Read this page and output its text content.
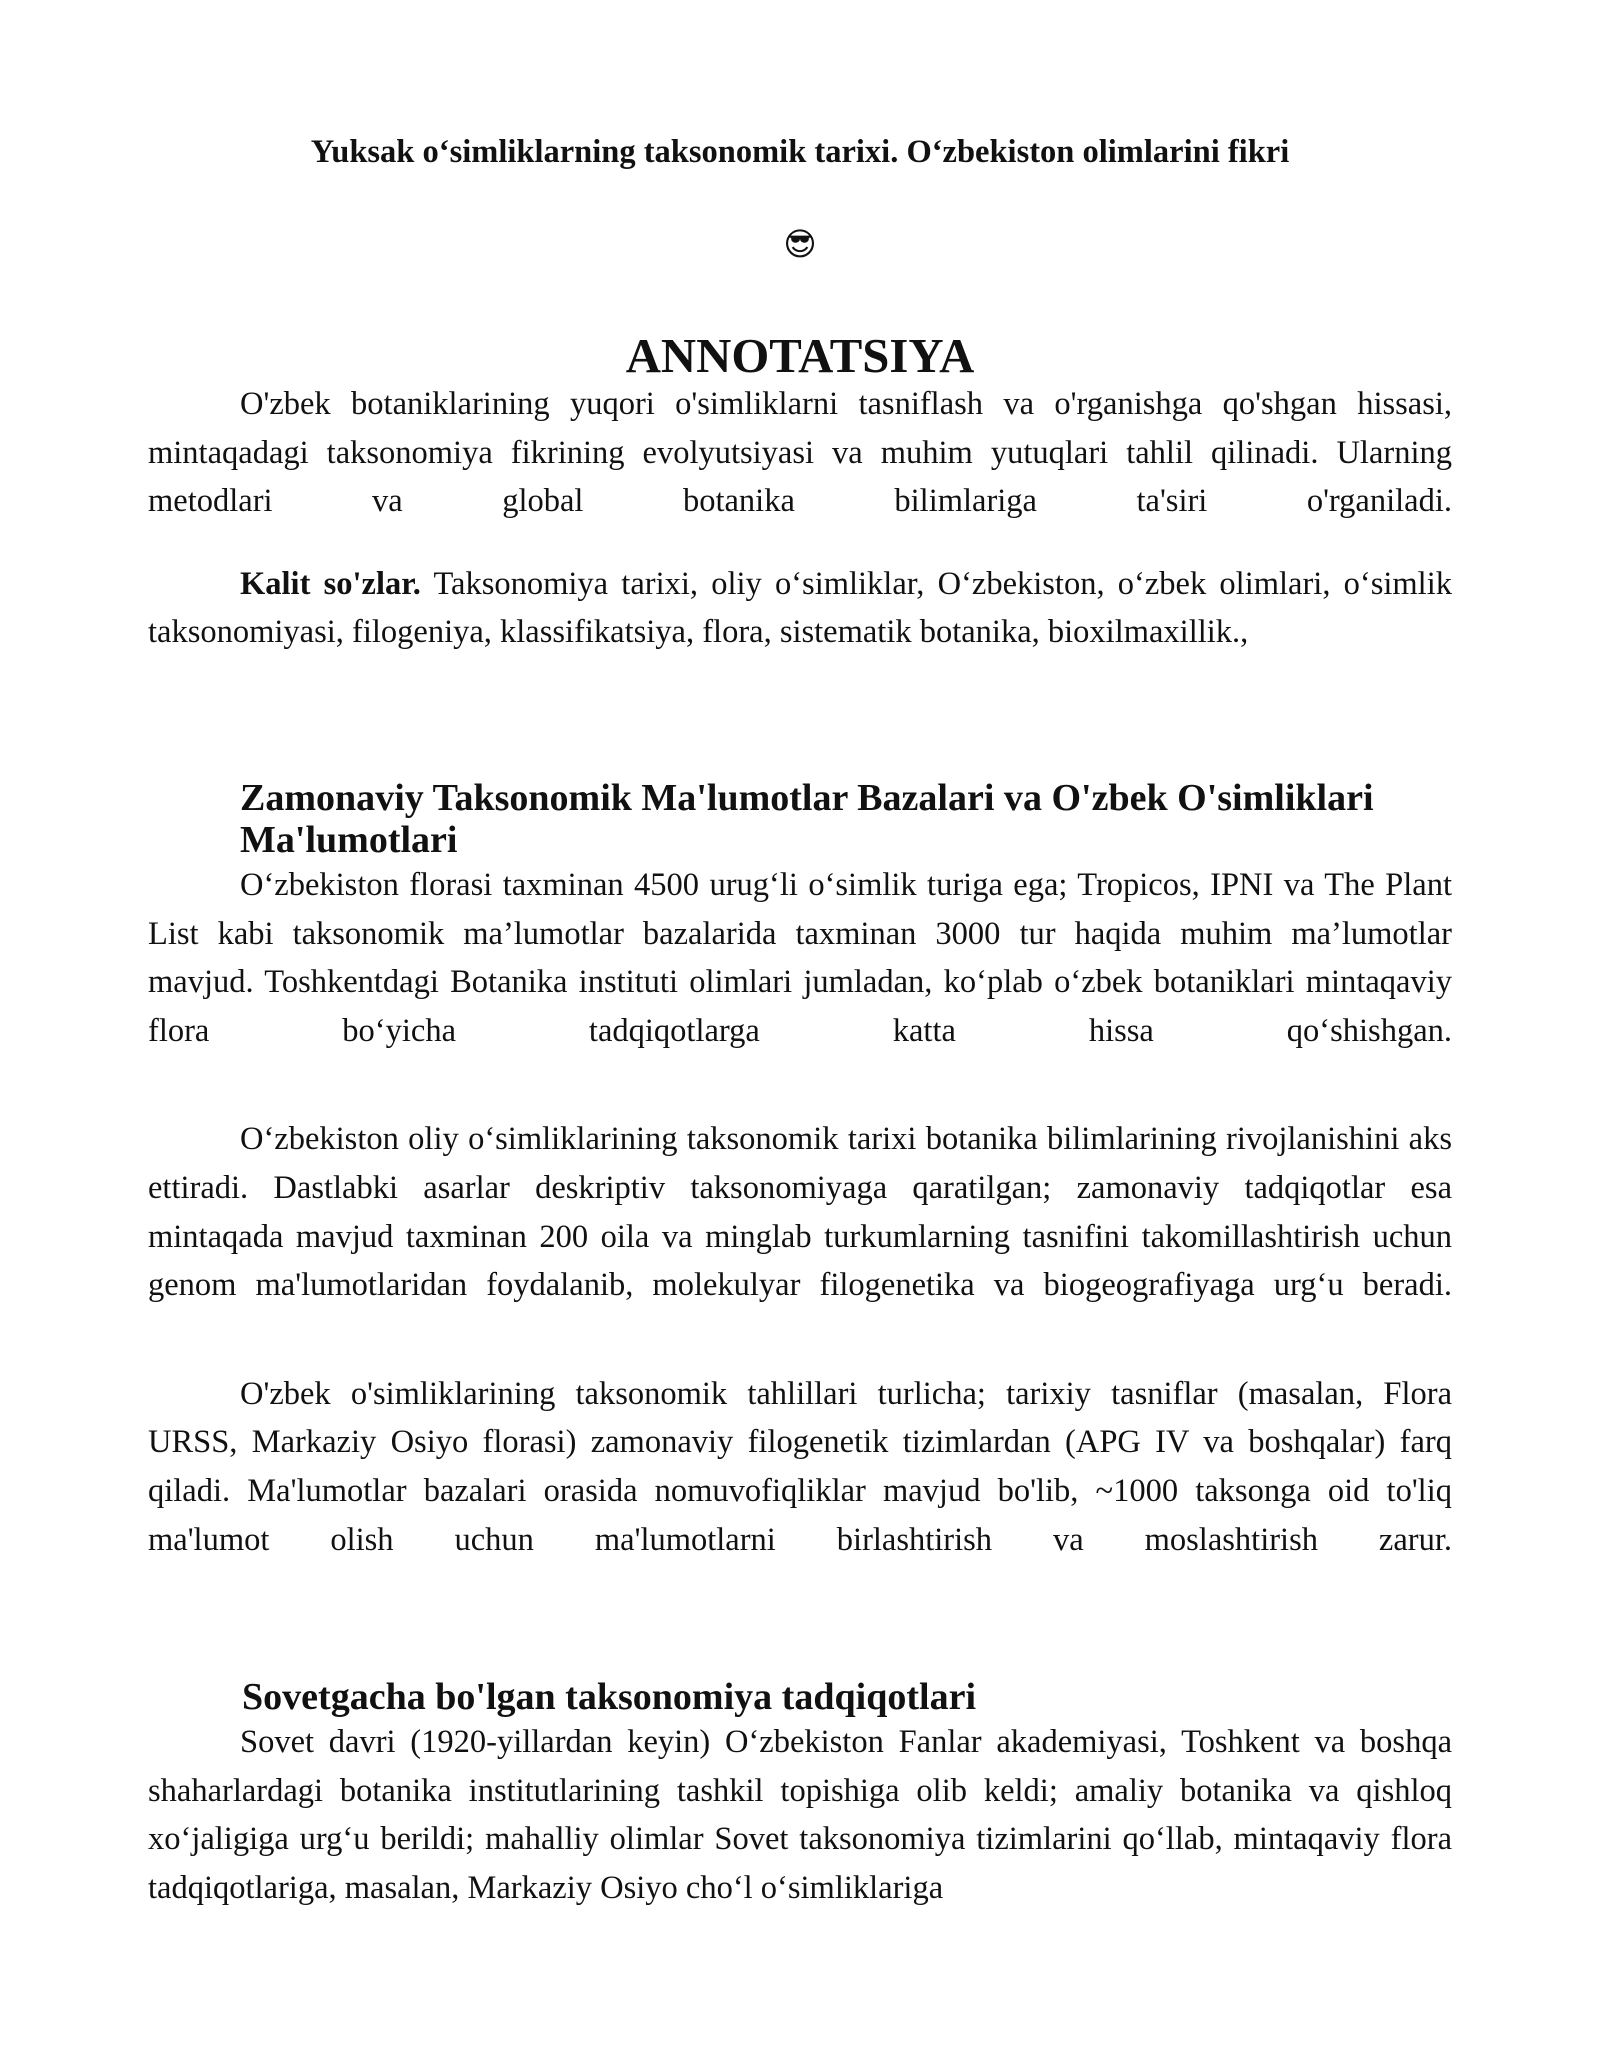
Yuksak o‘simliklarning taksonomik tarixi. O‘zbekiston olimlarini fikri
😎
ANNOTATSIYA

O'zbek botaniklarining yuqori o'simliklarni tasniflash va o'rganishga qo'shgan hissasi, mintaqadagi taksonomiya fikrining evolyutsiyasi va muhim yutuqlari tahlil qilinadi. Ularning metodlari va global botanika bilimlariga ta'siri o'rganiladi.

Kalit so'zlar. Taksonomiya tarixi, oliy o‘simliklar, O‘zbekiston, o‘zbek olimlari, o‘simlik taksonomiyasi, filogeniya, klassifikatsiya, flora, sistematik botanika, bioxilmaxillik.,

Zamonaviy Taksonomik Ma'lumotlar Bazalari va O'zbek O'simliklari Ma'lumotlari

O‘zbekiston florasi taxminan 4500 urug‘li o‘simlik turiga ega; Tropicos, IPNI va The Plant List kabi taksonomik ma’lumotlar bazalarida taxminan 3000 tur haqida muhim ma’lumotlar mavjud. Toshkentdagi Botanika instituti olimlari jumladan, ko‘plab o‘zbek botaniklari mintaqaviy flora bo‘yicha tadqiqotlarga katta hissa qo‘shishgan.

O‘zbekiston oliy o‘simliklarining taksonomik tarixi botanika bilimlarining rivojlanishini aks ettiradi. Dastlabki asarlar deskriptiv taksonomiyaga qaratilgan; zamonaviy tadqiqotlar esa mintaqada mavjud taxminan 200 oila va minglab turkumlarning tasnifini takomillashtirish uchun genom ma'lumotlaridan foydalanib, molekulyar filogenetika va biogeografiyaga urg‘u beradi.

O'zbek o'simliklarining taksonomik tahlillari turlicha; tarixiy tasniflar (masalan, Flora URSS, Markaziy Osiyo florasi) zamonaviy filogenetik tizimlardan (APG IV va boshqalar) farq qiladi. Ma'lumotlar bazalari orasida nomuvofiqliklar mavjud bo'lib, ~1000 taksonga oid to'liq ma'lumot olish uchun ma'lumotlarni birlashtirish va moslashtirish zarur.

Sovetgacha bo'lgan taksonomiya tadqiqotlari

Sovet davri (1920-yillardan keyin) O‘zbekiston Fanlar akademiyasi, Toshkent va boshqa shaharlardagi botanika institutlarining tashkil topishiga olib keldi; amaliy botanika va qishloq xo‘jaligiga urg‘u berildi; mahalliy olimlar Sovet taksonomiya tizimlarini qo‘llab, mintaqaviy flora tadqiqotlariga, masalan, Markaziy Osiyo cho‘l o‘simliklariga
